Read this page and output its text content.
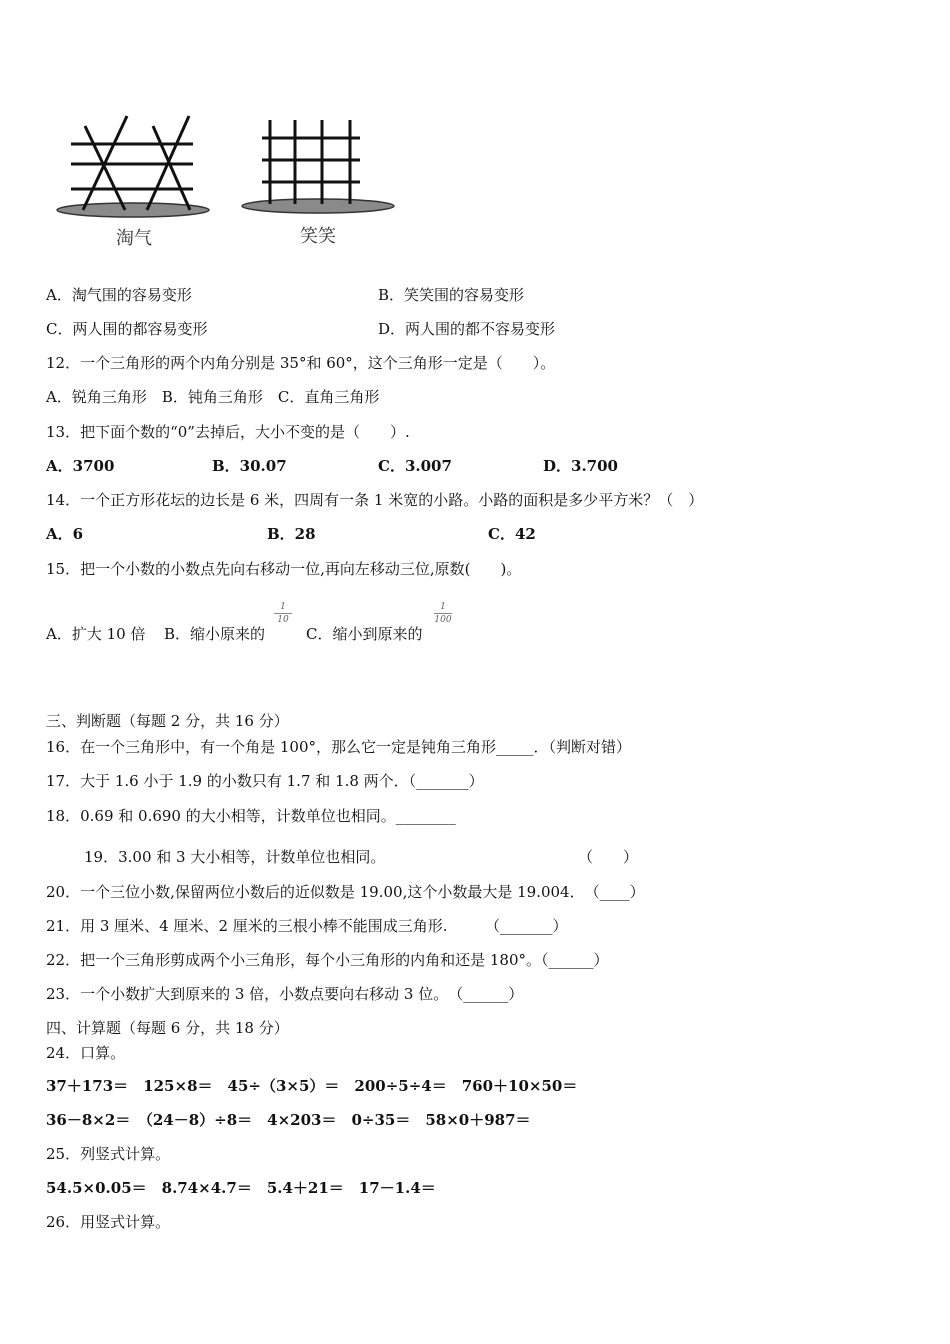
淘气	笑笑
A．淘气围的容易变形	B．笑笑围的容易变形
C．两人围的都容易变形	D．两人围的都不容易变形
12．一个三角形的两个内角分别是 35°和 60°，这个三角形一定是（　　）。
A．锐角三角形　B．钝角三角形　C．直角三角形
13．把下面个数的“0”去掉后，大小不变的是（　　）.
A．3700	B．30.07	C．3.007	D．3.700
14．一个正方形花坛的边长是 6 米，四周有一条 1 米宽的小路。小路的面积是多少平方米？（　）
A．6	B．28	C．42
15．把一个小数的小数点先向右移动一位,再向左移动三位,原数(　　)。
A．扩大 10 倍 B．缩小原来的
1
10
C．缩小到原来的
1
100
三、判断题（每题 2 分，共 16 分）
16．在一个三角形中，有一个角是 100°，那么它一定是钝角三角形_____．（判断对错）
17．大于 1.6 小于 1.9 的小数只有 1.7 和 1.8 两个．（_______）
18．0.69 和 0.690 的大小相等，计数单位也相同。________
19．3.00 和 3 大小相等，计数单位也相同。	（　　）
20．一个三位小数,保留两位小数后的近似数是 19.00,这个小数最大是 19.004．　（____）
21．用 3 厘米、4 厘米、2 厘米的三根小棒不能围成三角形.　　　（_______）
22．把一个三角形剪成两个小三角形，每个小三角形的内角和还是 180°。（______）
23．一个小数扩大到原来的 3 倍，小数点要向右移动 3 位。　（______）
四、计算题（每题 6 分，共 18 分）
24．口算。
37＋173＝　125×8＝　45÷（3×5）＝　200÷5÷4＝　760＋10×50＝
36－8×2＝　（24－8）÷8＝　4×203＝　0÷35＝　58×0＋987＝
25．列竖式计算。
54.5×0.05＝　8.74×4.7＝　5.4＋21＝　17－1.4＝
26．用竖式计算。
